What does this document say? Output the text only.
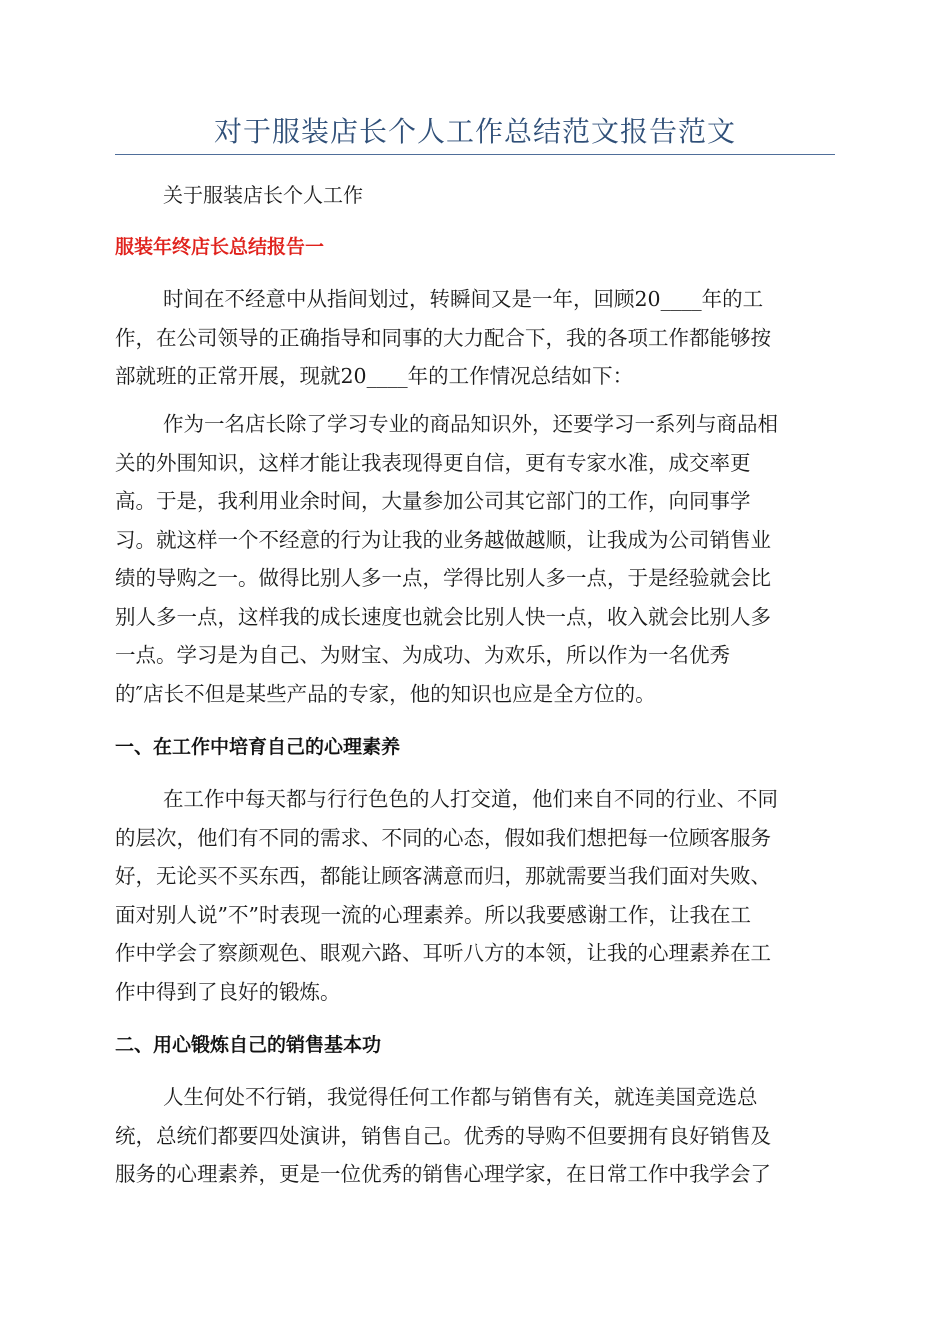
对于服装店长个人工作总结范文报告范文
关于服装店长个人工作
服装年终店长总结报告一
时间在不经意中从指间划过，转瞬间又是一年，回顾20____年的工
作，在公司领导的正确指导和同事的大力配合下，我的各项工作都能够按
部就班的正常开展，现就20____年的工作情况总结如下：
作为一名店长除了学习专业的商品知识外，还要学习一系列与商品相
关的外围知识，这样才能让我表现得更自信，更有专家水准，成交率更
高。于是，我利用业余时间，大量参加公司其它部门的工作，向同事学
习。就这样一个不经意的行为让我的业务越做越顺，让我成为公司销售业
绩的导购之一。做得比别人多一点，学得比别人多一点，于是经验就会比
别人多一点，这样我的成长速度也就会比别人快一点，收入就会比别人多
一点。学习是为自己、为财宝、为成功、为欢乐，所以作为一名优秀
的″店长不但是某些产品的专家，他的知识也应是全方位的。
一、在工作中培育自己的心理素养
在工作中每天都与行行色色的人打交道，他们来自不同的行业、不同
的层次，他们有不同的需求、不同的心态，假如我们想把每一位顾客服务
好，无论买不买东西，都能让顾客满意而归，那就需要当我们面对失败、
面对别人说”不”时表现一流的心理素养。所以我要感谢工作，让我在工
作中学会了察颜观色、眼观六路、耳听八方的本领，让我的心理素养在工
作中得到了良好的锻炼。
二、用心锻炼自己的销售基本功
人生何处不行销，我觉得任何工作都与销售有关，就连美国竞选总
统，总统们都要四处演讲，销售自己。优秀的导购不但要拥有良好销售及
服务的心理素养，更是一位优秀的销售心理学家，在日常工作中我学会了
